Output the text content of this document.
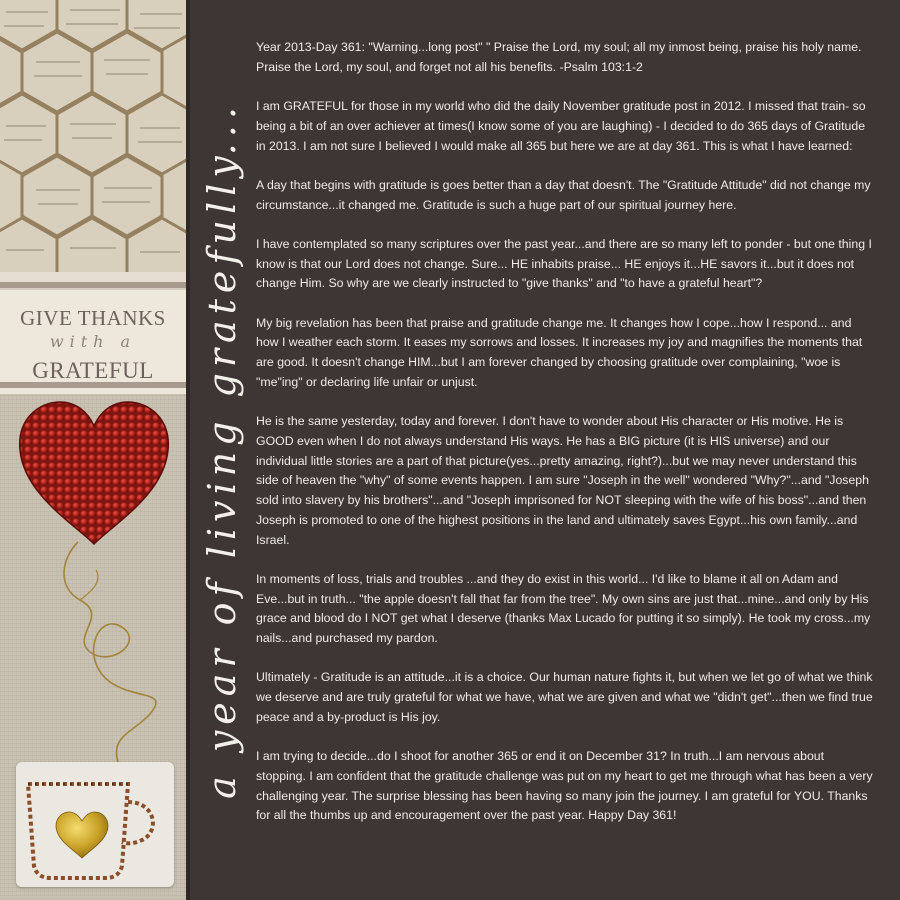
GIVE THANKS
with a
GRATEFUL	a year of living gratefully...

Year 2013-Day 361: "Warning...long post" " Praise the Lord, my soul; all my inmost being, praise his holy name. Praise the Lord, my soul, and forget not all his benefits. -Psalm 103:1-2

I am GRATEFUL for those in my world who did the daily November gratitude post in 2012. I missed that train- so being a bit of an over achiever at times(I know some of you are laughing) - I decided to do 365 days of Gratitude in 2013. I am not sure I believed I would make all 365 but here we are at day 361. This is what I have learned:

A day that begins with gratitude is goes better than a day that doesn't. The "Gratitude Attitude" did not change my circumstance...it changed me. Gratitude is such a huge part of our spiritual journey here.

I have contemplated so many scriptures over the past year...and there are so many left to ponder - but one thing I know is that our Lord does not change. Sure... HE inhabits praise... HE enjoys it...HE savors it...but it does not change Him. So why are we clearly instructed to "give thanks" and "to have a grateful heart"?

My big revelation has been that praise and gratitude change me. It changes how I cope...how I respond... and how I weather each storm. It eases my sorrows and losses. It increases my joy and magnifies the moments that are good. It doesn't change HIM...but I am forever changed by choosing gratitude over complaining, "woe is "me"ing" or declaring life unfair or unjust.

He is the same yesterday, today and forever. I don't have to wonder about His character or His motive. He is GOOD even when I do not always understand His ways. He has a BIG picture (it is HIS universe) and our individual little stories are a part of that picture(yes...pretty amazing, right?)...but we may never understand this side of heaven the "why" of some events happen. I am sure "Joseph in the well" wondered "Why?"...and "Joseph sold into slavery by his brothers"...and "Joseph imprisoned for NOT sleeping with the wife of his boss"...and then Joseph is promoted to one of the highest positions in the land and ultimately saves Egypt...his own family...and Israel.

In moments of loss, trials and troubles ...and they do exist in this world... I'd like to blame it all on Adam and Eve...but in truth... "the apple doesn't fall that far from the tree". My own sins are just that...mine...and only by His grace and blood do I NOT get what I deserve (thanks Max Lucado for putting it so simply). He took my cross...my nails...and purchased my pardon.

Ultimately - Gratitude is an attitude...it is a choice. Our human nature fights it, but when we let go of what we think we deserve and are truly grateful for what we have, what we are given and what we "didn't get"...then we find true peace and a by-product is His joy.

I am trying to decide...do I shoot for another 365 or end it on December 31? In truth...I am nervous about stopping. I am confident that the gratitude challenge was put on my heart to get me through what has been a very challenging year. The surprise blessing has been having so many join the journey. I am grateful for YOU. Thanks for all the thumbs up and encouragement over the past year. Happy Day 361!
